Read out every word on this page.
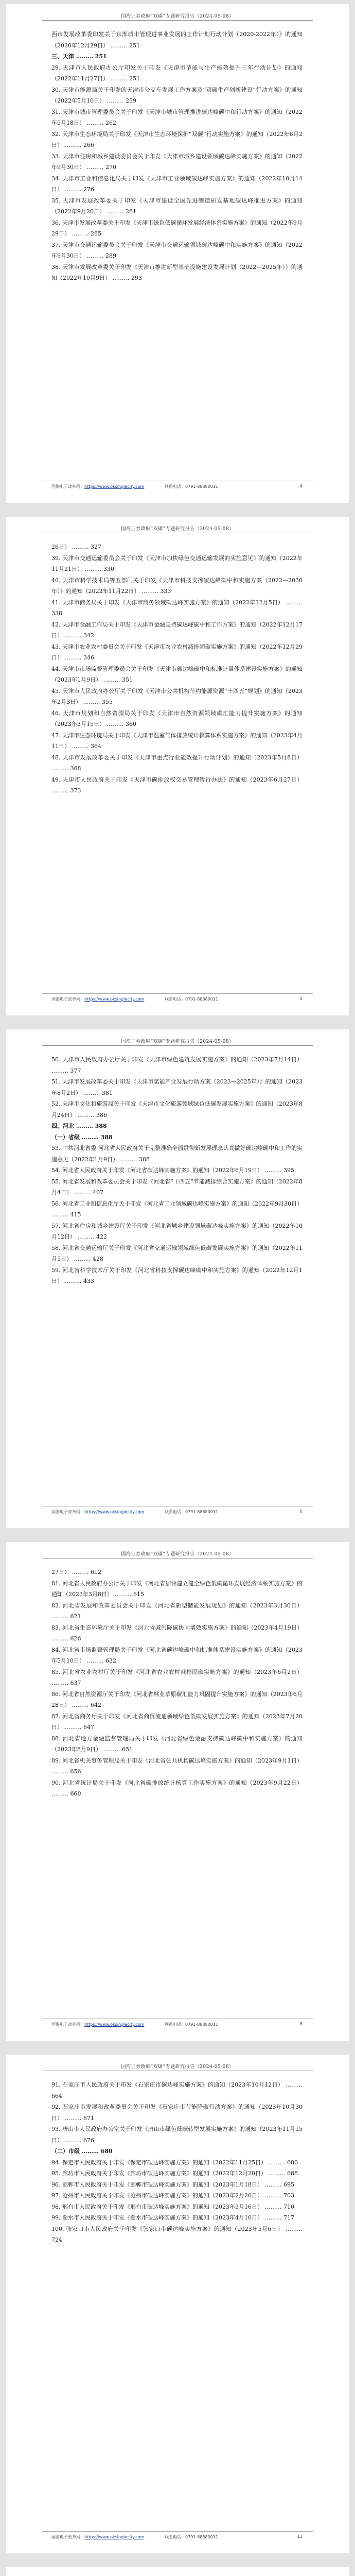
国海证券政府“双碳”专题研究报告（2024-05-08）
西市发展改革委印发关于东部城市管理进事业发展的工作计划行动计划（2020-2022年）》的通知（2020年12月29日） ……… 251
三、天津 ……… 251
29. 天津市人民政府办公厅印发关于印发《天津市节能与生产能效提升三年行动计划》的通知（2022年11月27日） ……… 251
30. 天津市能源局关于印发的天津市公交车发展工作方案及“双碳生产创新建设”行动方案》的通知（2022年5月10日） ……… 259
31. 天津市城市管理委员会关于印发《天津市城市管理推进碳达峰碳中和行动方案》的通知（2022年5月18日） ……… 262
32. 天津市生态环境局关于印发《天津市生态环境保护“双碳”行动实施方案》的通知（2022年6月2日） ……… 266
33. 天津市住房和城乡建设委员会关于印发《天津市城乡建设领域碳达峰实施方案》的通知（2022年9月30日） ……… 270
34. 天津市工业和信息化局关于印发《天津市工业领域碳达峰实施方案》的通知（2022年10月14日） ……… 276
35. 天津市发展改革委关于印发《天津市建设全国先进制造研发基地碳达峰推进方案》的通知（2022年9月20日） ……… 281
36. 天津市发展改革委关于印发《天津市绿色低碳循环发展经济体系实施方案》的通知（2022年9月29日） ……… 285
37. 天津市交通运输委员会关于印发《天津市交通运输领域碳达峰碳中和实施方案》的通知（2022年9月30日） ……… 289
38. 天津市发展改革委关于印发《天津市推进新型基础设施建设发展计划（2022—2025年）》的通知（2022年10月9日） ……… 293
国海电子政务网：https://www.oksinglecity.com	联系电话：0791-88880011	4
国海证券政府“双碳”专题研究报告（2024-05-08）
26日） ……… 327
39. 天津市交通运输委员会关于印发《天津市加快绿色交通运输发展的实施意见》的通知（2022年11月21日） ……… 330
40. 天津市科学技术局等五部门关于印发《天津市科技支撑碳达峰碳中和实施方案（2022—2030年）》的通知（2022年11月22日） ……… 333
41. 天津市商务局关于印发《天津市商务领域碳达峰实施方案》的通知（2022年12月5日） ……… 338
42. 天津市金融工作局关于印发《天津市金融支持碳达峰碳中和工作方案》的通知（2022年12月17日） ……… 342
43. 天津市农业农村委员会关于印发《天津市农业农村减排固碳实施方案》的通知（2022年12月29日） ……… 346
44. 天津市市场监督管理委员会关于印发《天津市碳达峰碳中和标准计量体系建设实施方案》的通知（2023年1月9日） ……… 351
45. 天津市人民政府办公厅关于印发《天津市公共机构节约能源资源“十四五”规划》的通知（2023年2月3日） ……… 355
46. 天津市规划和自然资源局关于印发《天津市自然资源领域碳汇能力提升实施方案》的通知（2023年3月15日） ……… 360
47. 天津市生态环境局关于印发《天津市温室气体排放统计核算体系实施方案》的通知（2023年4月11日） ……… 364
48. 天津市发展改革委关于印发《天津市重点行业能效提升行动计划》的通知（2023年5月8日） ……… 368
49. 天津市人民政府关于印发《天津市碳排放权交易管理暂行办法》的通知（2023年6月27日） ……… 373
国海电子政务网：https://www.oksinglecity.com	联系电话：0791-88880011	5
国海证券政府“双碳”专题研究报告（2024-05-08）
50. 天津市人民政府办公厅关于印发《天津市绿色建筑发展实施方案》的通知（2023年7月14日） ……… 377
51. 天津市发展改革委关于印发《天津市氢能产业发展行动方案（2023—2025年）》的通知（2023年8月2日） ……… 381
52. 天津市文化和旅游局关于印发《天津市文化旅游领域绿色低碳发展实施方案》的通知（2023年8月24日） ……… 386
四、河北 ……… 388
（一）省级 ……… 388
53. 中共河北省委 河北省人民政府关于完整准确全面贯彻新发展理念认真做好碳达峰碳中和工作的实施意见（2022年1月9日） ……… 388
54. 河北省人民政府关于印发《河北省碳达峰实施方案》的通知（2022年6月19日） ……… 395
55. 河北省发展和改革委员会关于印发《河北省“十四五”节能减排综合实施方案》的通知（2022年8月4日） ……… 407
56. 河北省工业和信息化厅关于印发《河北省工业领域碳达峰实施方案》的通知（2022年9月30日） ……… 415
57. 河北省住房和城乡建设厅关于印发《河北省城乡建设领域碳达峰实施方案》的通知（2022年10月12日） ……… 422
58. 河北省交通运输厅关于印发《河北省交通运输领域绿色低碳发展实施方案》的通知（2022年11月5日） ……… 428
59. 河北省科学技术厅关于印发《河北省科技支撑碳达峰碳中和实施方案》的通知（2022年12月1日） ……… 433
国海电子政务网：https://www.oksinglecity.com	联系电话：0791-88880011	6
国海证券政府“双碳”专题研究报告（2024-05-08）
27日） ……… 612
81. 河北省人民政府办公厅关于印发《河北省加快建立健全绿色低碳循环发展经济体系实施方案》的通知（2023年3月8日） ……… 615
82. 河北省发展和改革委员会关于印发《河北省新型储能发展规划》的通知（2023年3月30日） ……… 621
83. 河北省生态环境厅关于印发《河北省减污降碳协同增效实施方案》的通知（2023年4月19日） ……… 626
84. 河北省市场监督管理局关于印发《河北省碳达峰碳中和标准体系建设实施方案》的通知（2023年5月10日） ……… 632
85. 河北省农业农村厅关于印发《河北省农业农村减排固碳实施方案》的通知（2023年6月2日） ……… 637
86. 河北省自然资源厅关于印发《河北省林业草原碳汇能力巩固提升实施方案》的通知（2023年6月28日） ……… 642
87. 河北省商务厅关于印发《河北省商贸流通领域绿色低碳发展实施方案》的通知（2023年7月20日） ……… 647
88. 河北省地方金融监督管理局关于印发《河北省绿色金融支持碳达峰碳中和实施方案》的通知（2023年8月9日） ……… 651
89. 河北省机关事务管理局关于印发《河北省公共机构碳达峰实施方案》的通知（2023年9月1日） ……… 656
90. 河北省统计局关于印发《河北省碳排放统计核算工作实施方案》的通知（2023年9月22日） ……… 660
国海电子政务网：https://www.oksinglecity.com	联系电话：0791-88880011	8
国海证券政府“双碳”专题研究报告（2024-05-08）
91. 石家庄市人民政府关于印发《石家庄市碳达峰实施方案》的通知（2023年10月12日） ……… 664
92. 石家庄市发展和改革委员会关于印发《石家庄市节能降碳行动方案》的通知（2023年10月30日） ……… 671
93. 唐山市人民政府办公室关于印发《唐山市绿色低碳转型发展实施方案》的通知（2023年11月15日） ……… 676
（二）市级 ……… 680
94. 保定市人民政府关于印发《保定市碳达峰实施方案》的通知（2022年11月25日） ……… 680
95. 廊坊市人民政府关于印发《廊坊市碳达峰实施方案》的通知（2022年12月20日） ……… 688
96. 邯郸市人民政府关于印发《邯郸市碳达峰实施方案》的通知（2023年1月18日） ……… 695
97. 沧州市人民政府关于印发《沧州市碳达峰实施方案》的通知（2023年2月20日） ……… 703
98. 邢台市人民政府关于印发《邢台市碳达峰实施方案》的通知（2023年3月16日） ……… 710
99. 衡水市人民政府关于印发《衡水市碳达峰实施方案》的通知（2023年4月10日） ……… 717
100. 张家口市人民政府关于印发《张家口市碳达峰实施方案》的通知（2023年5月6日） ……… 724
国海电子政务网：https://www.oksinglecity.com	联系电话：0791-88880011	11
